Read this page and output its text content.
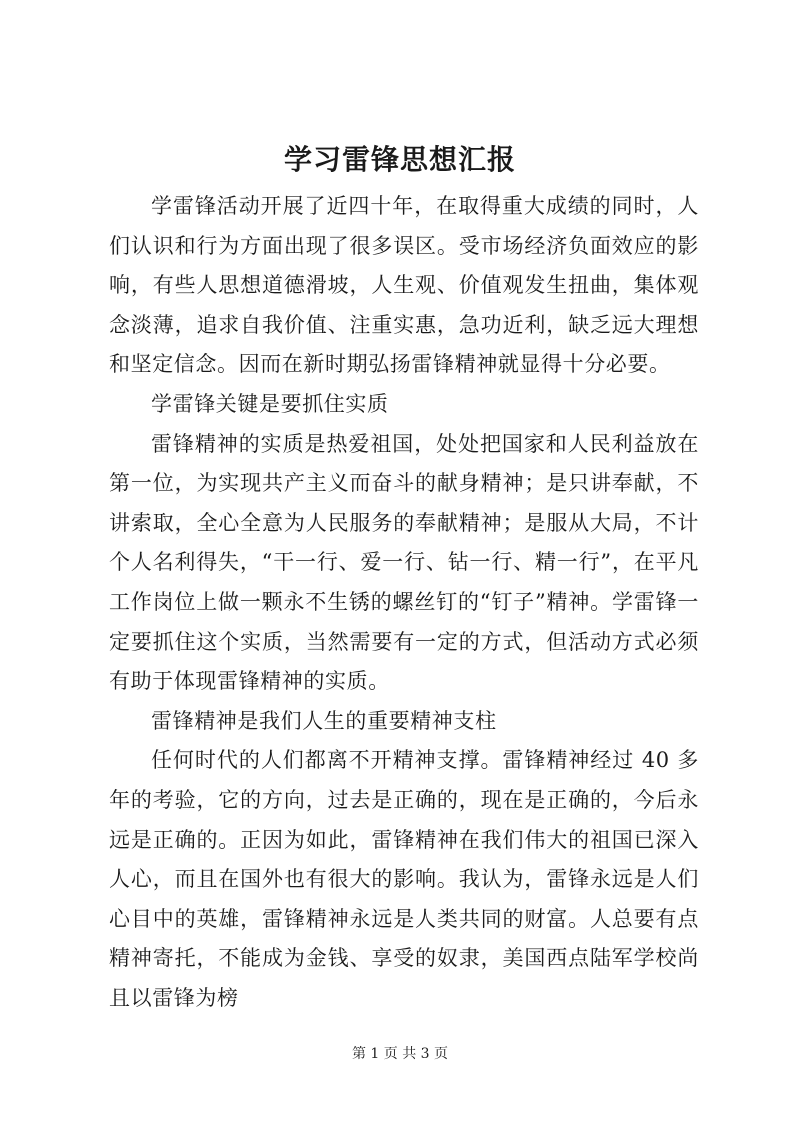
学习雷锋思想汇报

学雷锋活动开展了近四十年，在取得重大成绩的同时，人们认识和行为方面出现了很多误区。受市场经济负面效应的影响，有些人思想道德滑坡，人生观、价值观发生扭曲，集体观念淡薄，追求自我价值、注重实惠，急功近利，缺乏远大理想和坚定信念。因而在新时期弘扬雷锋精神就显得十分必要。

学雷锋关键是要抓住实质

雷锋精神的实质是热爱祖国，处处把国家和人民利益放在第一位，为实现共产主义而奋斗的献身精神；是只讲奉献，不讲索取，全心全意为人民服务的奉献精神；是服从大局，不计个人名利得失，“干一行、爱一行、钻一行、精一行”，在平凡工作岗位上做一颗永不生锈的螺丝钉的“钉子”精神。学雷锋一定要抓住这个实质，当然需要有一定的方式，但活动方式必须有助于体现雷锋精神的实质。

雷锋精神是我们人生的重要精神支柱

任何时代的人们都离不开精神支撑。雷锋精神经过 40 多年的考验，它的方向，过去是正确的，现在是正确的，今后永远是正确的。正因为如此，雷锋精神在我们伟大的祖国已深入人心，而且在国外也有很大的影响。我认为，雷锋永远是人们心目中的英雄，雷锋精神永远是人类共同的财富。人总要有点精神寄托，不能成为金钱、享受的奴隶，美国西点陆军学校尚且以雷锋为榜

第 1 页 共 3 页
